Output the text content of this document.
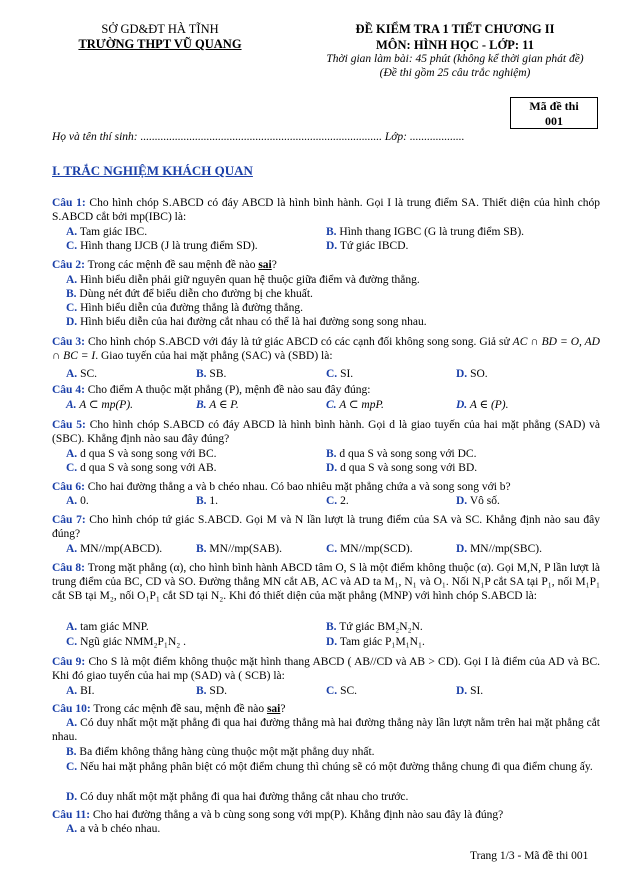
SỞ GD&ĐT HÀ TĨNH
TRƯỜNG THPT VŨ QUANG
ĐỀ KIỂM TRA 1 TIẾT CHƯƠNG II
MÔN: HÌNH HỌC - LỚP: 11
Thời gian làm bài: 45 phút (không kể thời gian phát đề)
(Đề thi gồm 25 câu trắc nghiệm)
Mã đề thi
001
Họ và tên thí sinh: .................................................................................... Lớp: ...................
I. TRẮC NGHIỆM KHÁCH QUAN
Câu 1: Cho hình chóp S.ABCD có đáy ABCD là hình bình hành. Gọi I là trung điểm SA. Thiết diện của hình chóp S.ABCD cắt bởi mp(IBC) là:
A. Tam giác IBC.	B. Hình thang IGBC (G là trung điểm SB).
C. Hình thang IJCB (J là trung điểm SD).	D. Tứ giác IBCD.
Câu 2: Trong các mệnh đề sau mệnh đề nào sai?
A. Hình biểu diễn phải giữ nguyên quan hệ thuộc giữa điểm và đường thẳng.
B. Dùng nét đứt để biểu diễn cho đường bị che khuất.
C. Hình biểu diễn của đường thẳng là đường thẳng.
D. Hình biểu diễn của hai đường cắt nhau có thể là hai đường song song nhau.
Câu 3: Cho hình chóp S.ABCD với đáy là tứ giác ABCD có các cạnh đối không song song. Giả sử AC ∩ BD = O, AD ∩ BC = I. Giao tuyến của hai mặt phẳng (SAC) và (SBD) là:
A. SC.	B. SB.	C. SI.	D. SO.
Câu 4: Cho điểm A thuộc mặt phẳng (P), mệnh đề nào sau đây đúng:
A. A ⊂ mp(P).	B. A ∈ P.	C. A ⊂ mpP.	D. A ∈ (P).
Câu 5: Cho hình chóp S.ABCD có đáy ABCD là hình bình hành. Gọi d là giao tuyến của hai mặt phẳng (SAD) và (SBC). Khẳng định nào sau đây đúng?
A. d qua S và song song với BC.	B. d qua S và song song với DC.
C. d qua S và song song với AB.	D. d qua S và song song với BD.
Câu 6: Cho hai đường thẳng a và b chéo nhau. Có bao nhiêu mặt phẳng chứa a và song song với b?
A. 0.	B. 1.	C. 2.	D. Vô số.
Câu 7: Cho hình chóp tứ giác S.ABCD. Gọi M và N lần lượt là trung điểm của SA và SC. Khẳng định nào sau đây đúng?
A. MN//mp(ABCD).	B. MN//mp(SAB).	C. MN//mp(SCD).	D. MN//mp(SBC).
Câu 8: Trong mặt phẳng (α), cho hình bình hành ABCD tâm O, S là một điểm không thuộc (α). Gọi M,N, P lần lượt là trung điểm của BC, CD và SO. Đường thẳng MN cắt AB, AC và AD ta M₁, N₁ và O₁. Nối N₁P cắt SA tại P₁, nối M₁P₁ cắt SB tại M₂, nối O₁P₁ cắt SD tại N₂. Khi đó thiết diện của mặt phẳng (MNP) với hình chóp S.ABCD là:
A. tam giác MNP.	B. Tứ giác BM₂N₂N.
C. Ngũ giác NMM₂P₁N₂ .	D. Tam giác P₁M₁N₁.
Câu 9: Cho S là một điểm không thuộc mặt hình thang ABCD ( AB//CD và AB > CD). Gọi I là điểm của AD và BC. Khi đó giao tuyến của hai mp (SAD) và ( SCB) là:
A. BI.	B. SD.	C. SC.	D. SI.
Câu 10: Trong các mệnh đề sau, mệnh đề nào sai?
A. Có duy nhất một mặt phẳng đi qua hai đường thẳng mà hai đường thẳng này lần lượt nằm trên hai mặt phẳng cắt nhau.
B. Ba điểm không thẳng hàng cùng thuộc một mặt phẳng duy nhất.
C. Nếu hai mặt phẳng phân biệt có một điểm chung thì chúng sẽ có một đường thẳng chung đi qua điểm chung ấy.
D. Có duy nhất một mặt phẳng đi qua hai đường thẳng cắt nhau cho trước.
Câu 11: Cho hai đường thẳng a và b cùng song song với mp(P). Khẳng định nào sau đây là đúng?
A. a và b chéo nhau.
Trang 1/3 - Mã đề thi 001
